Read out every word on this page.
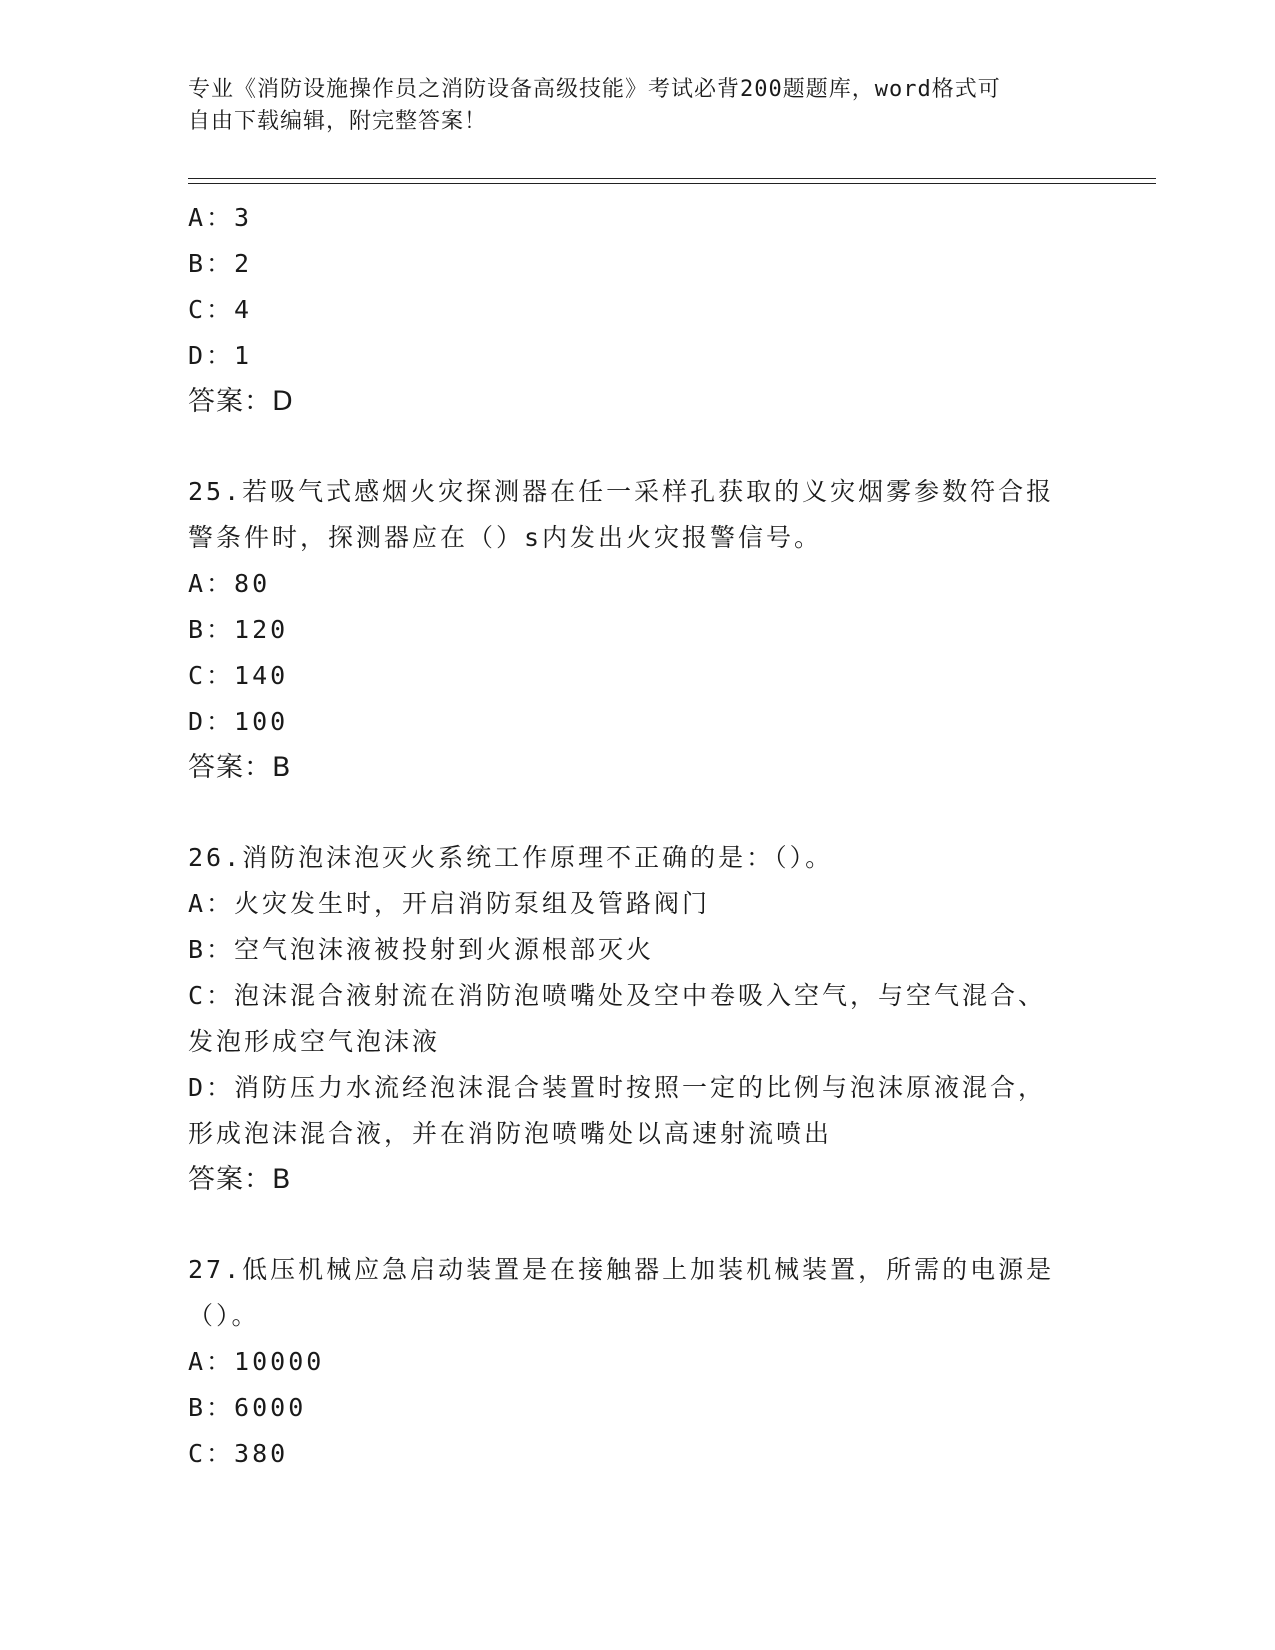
专业《消防设施操作员之消防设备高级技能》考试必背200题题库，word格式可
自由下载编辑，附完整答案！
A：3
B：2
C：4
D：1
答案：D
25.若吸气式感烟火灾探测器在任一采样孔获取的义灾烟雾参数符合报
警条件时，探测器应在（）s内发出火灾报警信号。
A：80
B：120
C：140
D：100
答案：B
26.消防泡沫泡灭火系统工作原理不正确的是：（）。
A：火灾发生时，开启消防泵组及管路阀门
B：空气泡沫液被投射到火源根部灭火
C：泡沫混合液射流在消防泡喷嘴处及空中卷吸入空气，与空气混合、
发泡形成空气泡沫液
D：消防压力水流经泡沫混合装置时按照一定的比例与泡沫原液混合，
形成泡沫混合液，并在消防泡喷嘴处以高速射流喷出
答案：B
27.低压机械应急启动装置是在接触器上加装机械装置，所需的电源是
（）。
A：10000
B：6000
C：380
